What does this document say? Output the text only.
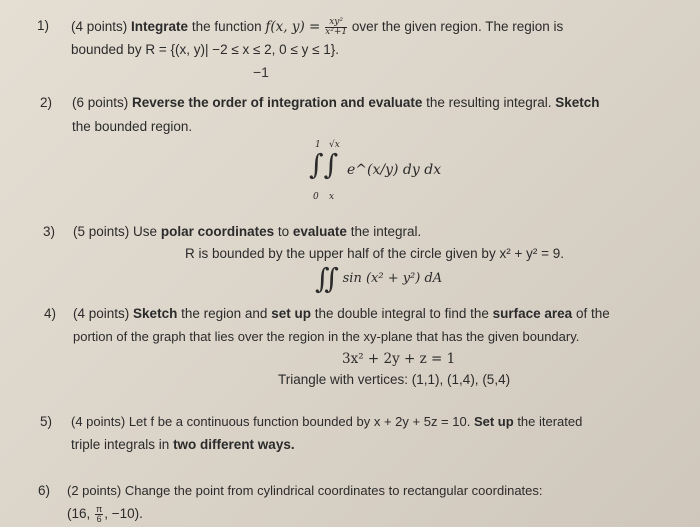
1) (4 points) Integrate the function f(x, $y) = \frac{\text{xy²}}{\text{x²+1}}$ over the given region. The region is
bounded by R = {(x, y)| −2 ≤ x ≤ 2, 0 ≤ y ≤ 1}.
−1
2) (6 points) Reverse the order of integration and evaluate the resulting integral. Sketch
the bounded region.
1 √x
∫∫ e^(x/y) dy dx
0 x
3) (5 points) Use polar coordinates to evaluate the integral.
R is bounded by the upper half of the circle given by x² + y² = 9.
∬ sin (x² + y²) dA
4) (4 points) Sketch the region and set up the double integral to find the surface area of the
portion of the graph that lies over the region in the xy-plane that has the given boundary.
3x² + 2y + z = 1
Triangle with vertices: (1,1), (1,4), (5,4)
5) (4 points) Let f be a continuous function bounded by x + 2y + 5z = 10. Set up the iterated
triple integrals in two different ways.
6) (2 points) Change the point from cylindrical coordinates to rectangular coordinates:
(16, $\frac{\pi}{6}$ , −10).
